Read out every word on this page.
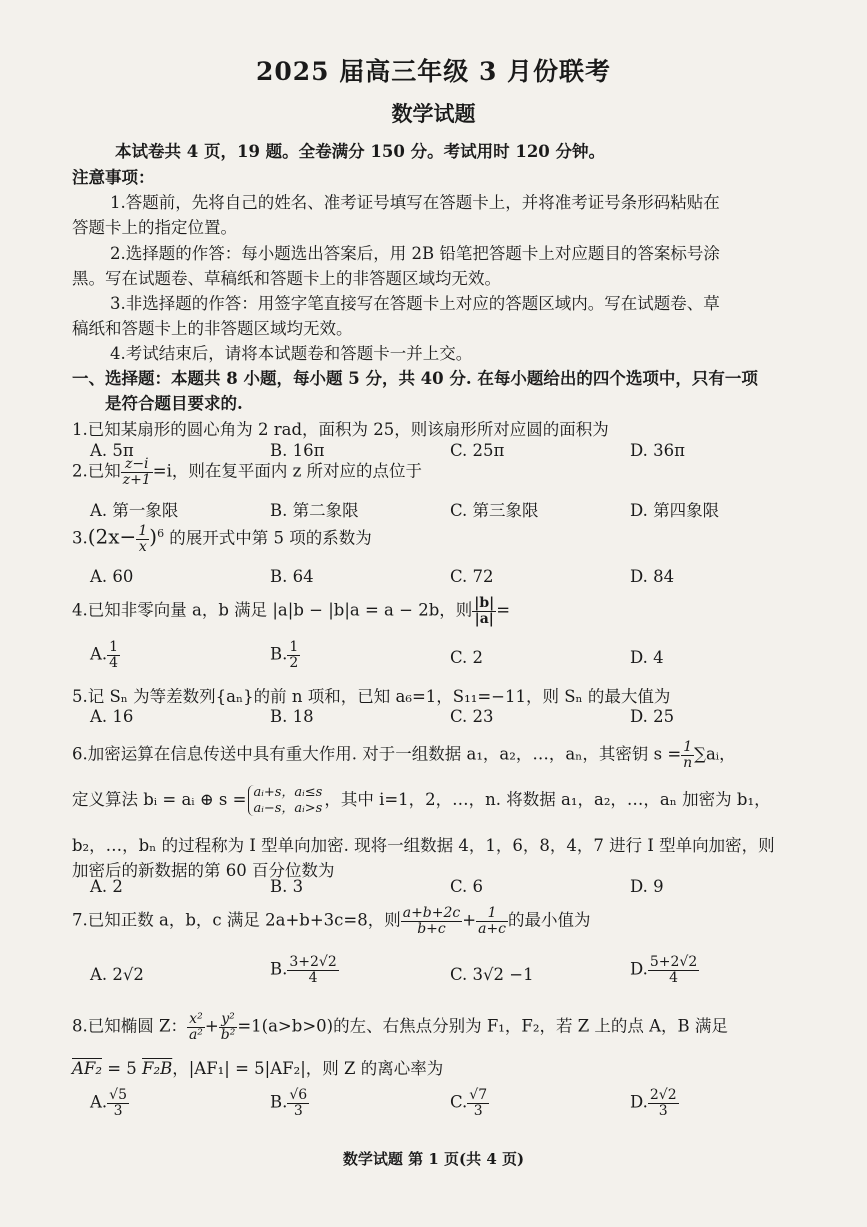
2025 届高三年级 3 月份联考
数学试题
本试卷共 4 页，19 题。全卷满分 150 分。考试用时 120 分钟。
注意事项：
1.答题前，先将自己的姓名、准考证号填写在答题卡上，并将准考证号条形码粘贴在
答题卡上的指定位置。
2.选择题的作答：每小题选出答案后，用 2B 铅笔把答题卡上对应题目的答案标号涂
黑。写在试题卷、草稿纸和答题卡上的非答题区域均无效。
3.非选择题的作答：用签字笔直接写在答题卡上对应的答题区域内。写在试题卷、草
稿纸和答题卡上的非答题区域均无效。
4.考试结束后，请将本试题卷和答题卡一并上交。
一、选择题：本题共 8 小题，每小题 5 分，共 40 分. 在每小题给出的四个选项中，只有一项
是符合题目要求的.
1.已知某扇形的圆心角为 2 rad，面积为 25，则该扇形所对应圆的面积为
A. 5π	B. 16π	C. 25π	D. 36π
2.已知 $\frac{z-i}{z+1} =i$，则在复平面内 z 所对应的点位于
A. 第一象限	B. 第二象限	C. 第三象限	D. 第四象限
$3.(2x- \frac{1}{x} )^6$ 的展开式中第 5 项的系数为
A. 60	B. 64	C. 72	D. 84
4.已知非零向量 a，b 满足 |a|b − |b|a = a − 2b，则 $\frac{|b|}{|a|}$ =
A. $\frac{1}{4}$	B. $\frac{1}{2}$	C. 2	D. 4
5.记 Sₙ 为等差数列{aₙ}的前 n 项和，已知 a₆=1，S₁₁=−11，则 Sₙ 的最大值为
A. 16	B. 18	C. 23	D. 25
6.加密运算在信息传送中具有重大作用. 对于一组数据 a₁，a₂，…，aₙ，其密钥 $s = \frac{1}{n}$ ∑aᵢ，
定义算法 bᵢ = aᵢ ⊕ s = aᵢ+s，aᵢ≤s
aᵢ−s，aᵢ>s ，其中 i=1，2，…，n. 将数据 a₁，a₂，…，aₙ 加密为 b₁，
b₂，…，bₙ 的过程称为 I 型单向加密. 现将一组数据 4，1，6，8，4，7 进行 I 型单向加密，则
加密后的新数据的第 60 百分位数为
A. 2	B. 3	C. 6	D. 9
7.已知正数 a，b，c 满足 2a+b+3c=8，则 $\frac{a+b+2c}{b+c} + \frac{1}{a+c}$ 的最小值为
A. 2√2	B. $\frac{3+2√2}{4}$	C. 3√2 −1	D. $\frac{5+2√2}{4}$
8.已知椭圆 Z： $\frac{\text{x²}}{\text{a²}} + \frac{\text{y²}}{\text{b²}} =1(a>b>0)$的左、右焦点分别为 F₁，F₂，若 Z 上的点 A，B 满足
AF₂ = 5 F₂B，|AF₁| = 5|AF₂|，则 Z 的离心率为
A. $\frac{√5}{3}$	B. $\frac{√6}{3}$	C. $\frac{√7}{3}$	D. $\frac{2√2}{3}$
数学试题 第 1 页(共 4 页)
